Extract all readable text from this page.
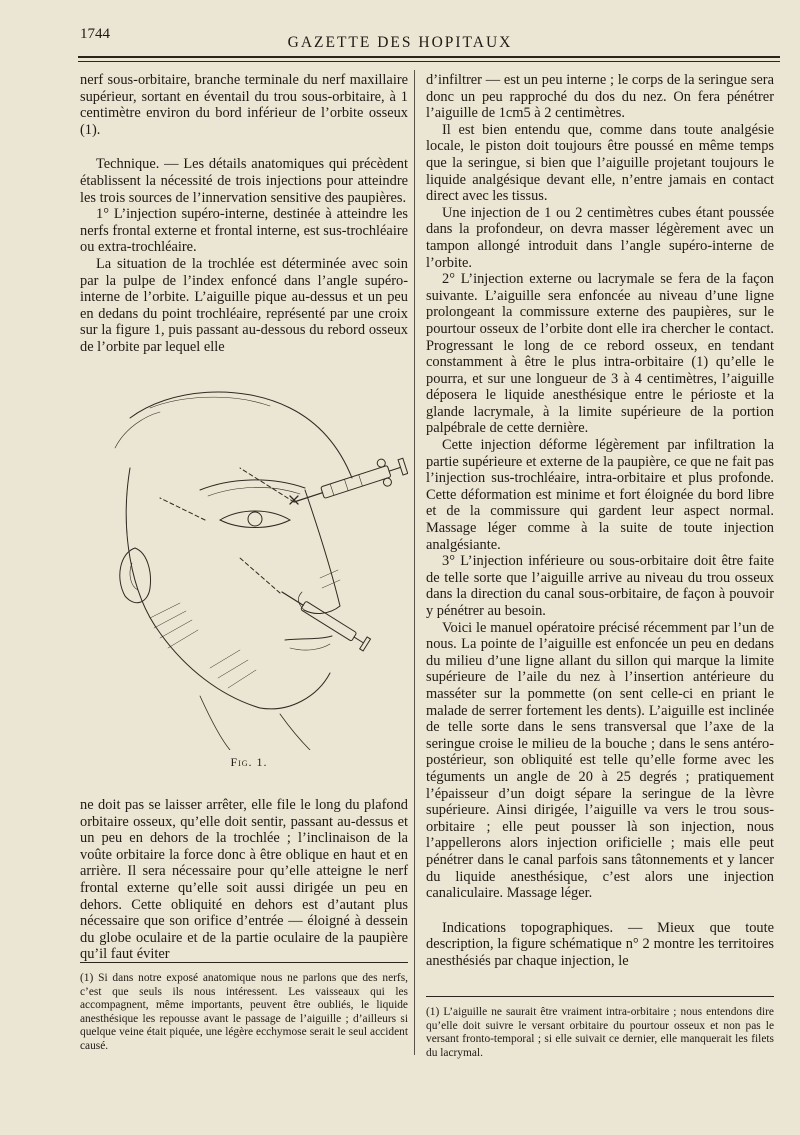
1744	GAZETTE DES HOPITAUX

nerf sous-orbitaire, branche terminale du nerf maxillaire supérieur, sortant en éventail du trou sous-orbitaire, à 1 centimètre environ du bord inférieur de l’orbite osseux (1).

Technique. — Les détails anatomiques qui précèdent établissent la nécessité de trois injections pour atteindre les trois sources de l’innervation sensitive des paupières.

1° L’injection supéro-interne, destinée à atteindre les nerfs frontal externe et frontal interne, est sus-trochléaire ou extra-trochléaire.

La situation de la trochlée est déterminée avec soin par la pulpe de l’index enfoncé dans l’angle supéro-interne de l’orbite. L’aiguille pique au-dessus et un peu en dedans du point trochléaire, représenté par une croix sur la figure 1, puis passant au-dessous du rebord osseux de l’orbite par lequel elle

Fig. 1.

ne doit pas se laisser arrêter, elle file le long du plafond orbitaire osseux, qu’elle doit sentir, passant au-dessus et un peu en dehors de la trochlée ; l’inclinaison de la voûte orbitaire la force donc à être oblique en haut et en arrière. Il sera nécessaire pour qu’elle atteigne le nerf frontal externe qu’elle soit aussi dirigée un peu en dehors. Cette obliquité en dehors est d’autant plus nécessaire que son orifice d’entrée — éloigné à dessein du globe oculaire et de la partie oculaire de la paupière qu’il faut éviter

d’infiltrer — est un peu interne ; le corps de la seringue sera donc un peu rapproché du dos du nez. On fera pénétrer l’aiguille de 1cm5 à 2 centimètres.

Il est bien entendu que, comme dans toute analgésie locale, le piston doit toujours être poussé en même temps que la seringue, si bien que l’aiguille projetant toujours le liquide analgésique devant elle, n’entre jamais en contact direct avec les tissus.

Une injection de 1 ou 2 centimètres cubes étant poussée dans la profondeur, on devra masser légèrement avec un tampon allongé introduit dans l’angle supéro-interne de l’orbite.

2° L’injection externe ou lacrymale se fera de la façon suivante. L’aiguille sera enfoncée au niveau d’une ligne prolongeant la commissure externe des paupières, sur le pourtour osseux de l’orbite dont elle ira chercher le contact. Progressant le long de ce rebord osseux, en tendant constamment à être le plus intra-orbitaire (1) qu’elle le pourra, et sur une longueur de 3 à 4 centimètres, l’aiguille déposera le liquide anesthésique entre le périoste et la glande lacrymale, à la limite supérieure de la portion palpébrale de cette dernière.

Cette injection déforme légèrement par infiltration la partie supérieure et externe de la paupière, ce que ne fait pas l’injection sus-trochléaire, intra-orbitaire et plus profonde. Cette déformation est minime et fort éloignée du bord libre et de la commissure qui gardent leur aspect normal. Massage léger comme à la suite de toute injection analgésiante.

3° L’injection inférieure ou sous-orbitaire doit être faite de telle sorte que l’aiguille arrive au niveau du trou osseux dans la direction du canal sous-orbitaire, de façon à pouvoir y pénétrer au besoin.

Voici le manuel opératoire précisé récemment par l’un de nous. La pointe de l’aiguille est enfoncée un peu en dedans du milieu d’une ligne allant du sillon qui marque la limite supérieure de l’aile du nez à l’insertion antérieure du masséter sur la pommette (on sent celle-ci en priant le malade de serrer fortement les dents). L’aiguille est inclinée de telle sorte dans le sens transversal que l’axe de la seringue croise le milieu de la bouche ; dans le sens antéro-postérieur, son obliquité est telle qu’elle forme avec les téguments un angle de 20 à 25 degrés ; pratiquement l’épaisseur d’un doigt sépare la seringue de la lèvre supérieure. Ainsi dirigée, l’aiguille va vers le trou sous-orbitaire ; elle peut pousser là son injection, nous l’appellerons alors injection orificielle ; mais elle peut pénétrer dans le canal parfois sans tâtonnements et y lancer du liquide anesthésique, c’est alors une injection canaliculaire. Massage léger.

Indications topographiques. — Mieux que toute description, la figure schématique n° 2 montre les territoires anesthésiés par chaque injection, le

(1) Si dans notre exposé anatomique nous ne parlons que des nerfs, c’est que seuls ils nous intéressent. Les vaisseaux qui les accompagnent, même importants, peuvent être oubliés, le liquide anesthésique les repousse avant le passage de l’aiguille ; d’ailleurs si quelque veine était piquée, une légère ecchymose serait le seul accident causé.
(1) L’aiguille ne saurait être vraiment intra-orbitaire ; nous entendons dire qu’elle doit suivre le versant orbitaire du pourtour osseux et non pas le versant fronto-temporal ; si elle suivait ce dernier, elle manquerait les filets du lacrymal.
